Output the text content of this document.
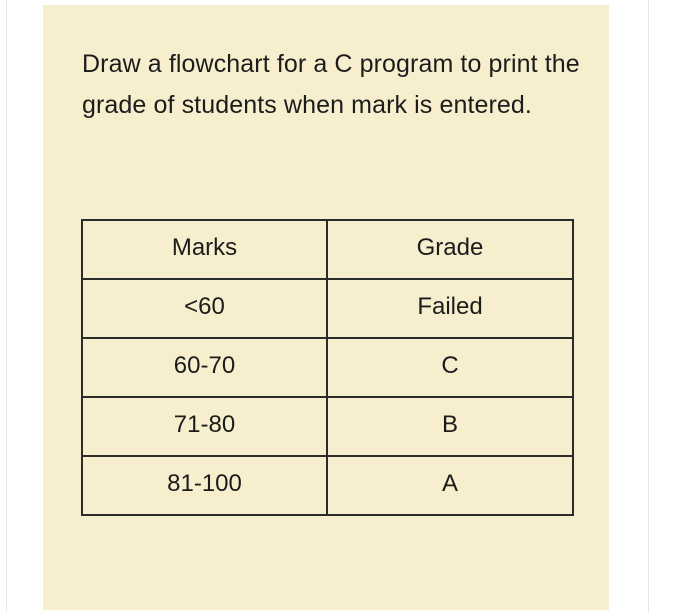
Draw a flowchart for a C program to print the grade of students when mark is entered.

Marks	Grade
<60	Failed
60-70	C
71-80	B
81-100	A
